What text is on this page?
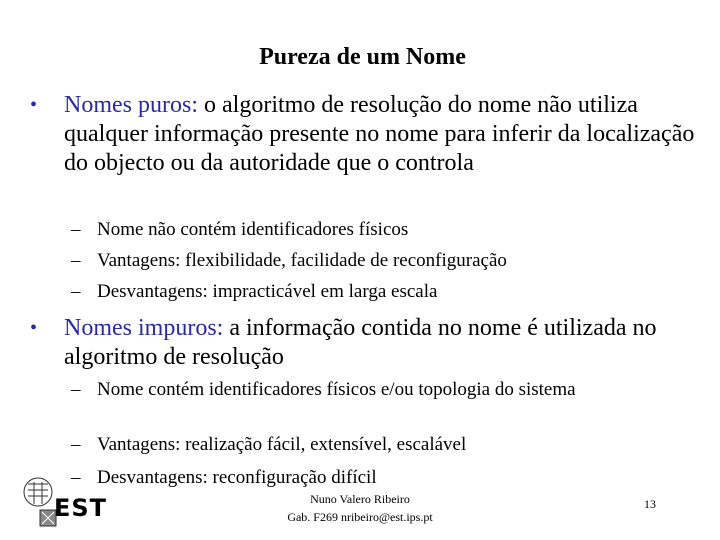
Pureza de um Nome
• Nomes puros: o algoritmo de resolução do nome não utiliza qualquer informação presente no nome para inferir da localização do objecto ou da autoridade que o controla
– Nome não contém identificadores físicos
– Vantagens: flexibilidade, facilidade de reconfiguração
– Desvantagens: impracticável em larga escala
• Nomes impuros: a informação contida no nome é utilizada no algoritmo de resolução
– Nome contém identificadores físicos e/ou topologia do sistema
– Vantagens: realização fácil, extensível, escalável
– Desvantagens: reconfiguração difícil
EST	Nuno Valero Ribeiro
Gab. F269 nribeiro@est.ips.pt
13
